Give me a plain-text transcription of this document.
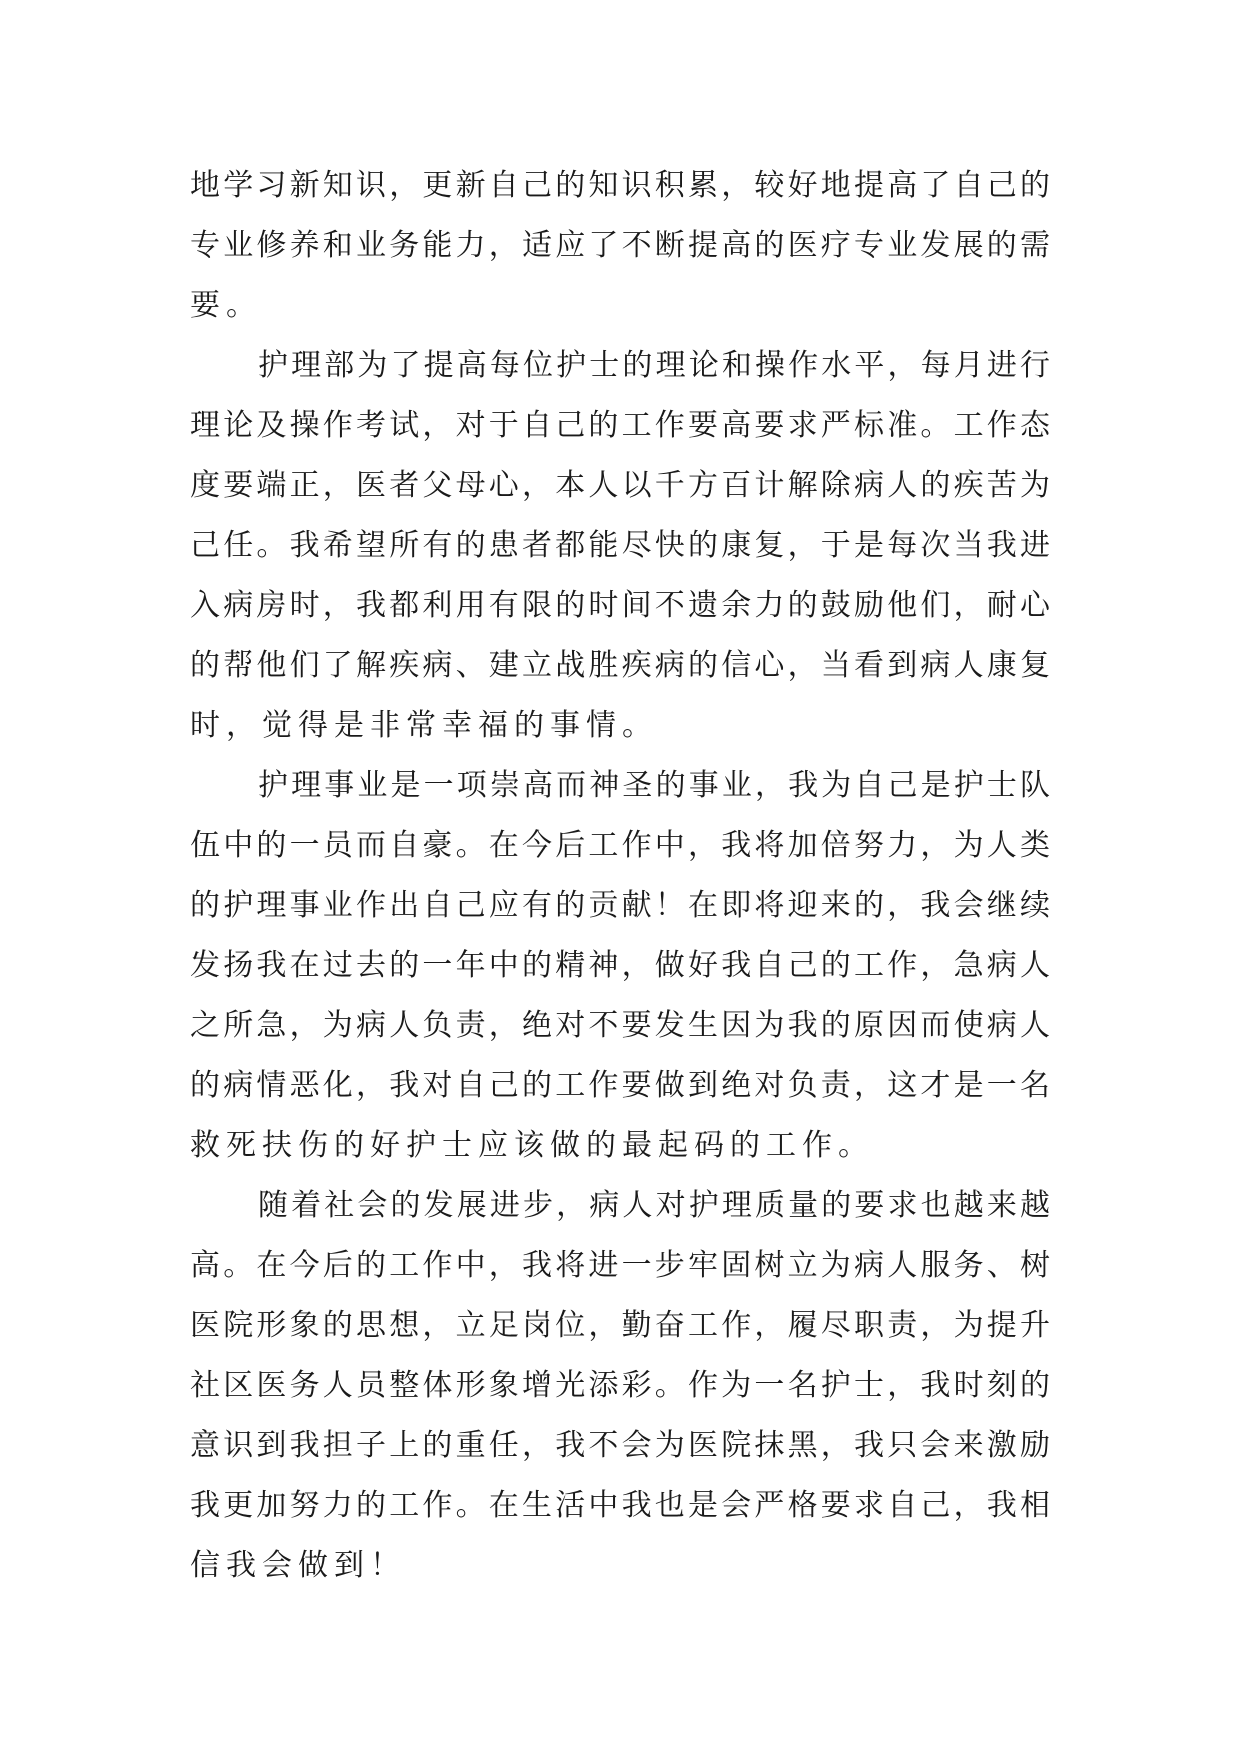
地学习新知识，更新自己的知识积累，较好地提高了自己的
专业修养和业务能力，适应了不断提高的医疗专业发展的需
要。
护理部为了提高每位护士的理论和操作水平，每月进行
理论及操作考试，对于自己的工作要高要求严标准。工作态
度要端正，医者父母心，本人以千方百计解除病人的疾苦为
己任。我希望所有的患者都能尽快的康复，于是每次当我进
入病房时，我都利用有限的时间不遗余力的鼓励他们，耐心
的帮他们了解疾病、建立战胜疾病的信心，当看到病人康复
时，觉得是非常幸福的事情。
护理事业是一项崇高而神圣的事业，我为自己是护士队
伍中的一员而自豪。在今后工作中，我将加倍努力，为人类
的护理事业作出自己应有的贡献！在即将迎来的，我会继续
发扬我在过去的一年中的精神，做好我自己的工作，急病人
之所急，为病人负责，绝对不要发生因为我的原因而使病人
的病情恶化，我对自己的工作要做到绝对负责，这才是一名
救死扶伤的好护士应该做的最起码的工作。
随着社会的发展进步，病人对护理质量的要求也越来越
高。在今后的工作中，我将进一步牢固树立为病人服务、树
医院形象的思想，立足岗位，勤奋工作，履尽职责，为提升
社区医务人员整体形象增光添彩。作为一名护士，我时刻的
意识到我担子上的重任，我不会为医院抹黑，我只会来激励
我更加努力的工作。在生活中我也是会严格要求自己，我相
信我会做到！
